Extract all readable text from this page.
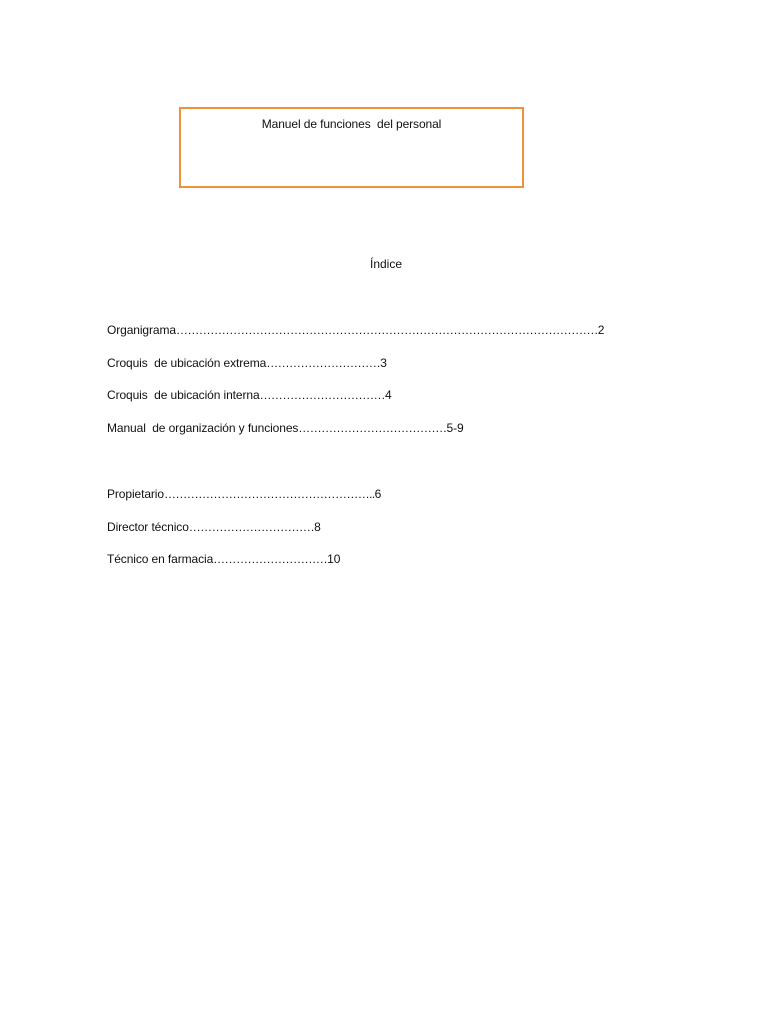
Manuel de funciones  del personal
Índice
Organigrama…………………………………………………………………………………………………2
Croquis  de ubicación extrema…………………………3
Croquis  de ubicación interna……………………………4
Manual  de organización y funciones…………………………………5-9
Propietario………………………………………………..6
Director técnico……………………………8
Técnico en farmacia…………………………10
